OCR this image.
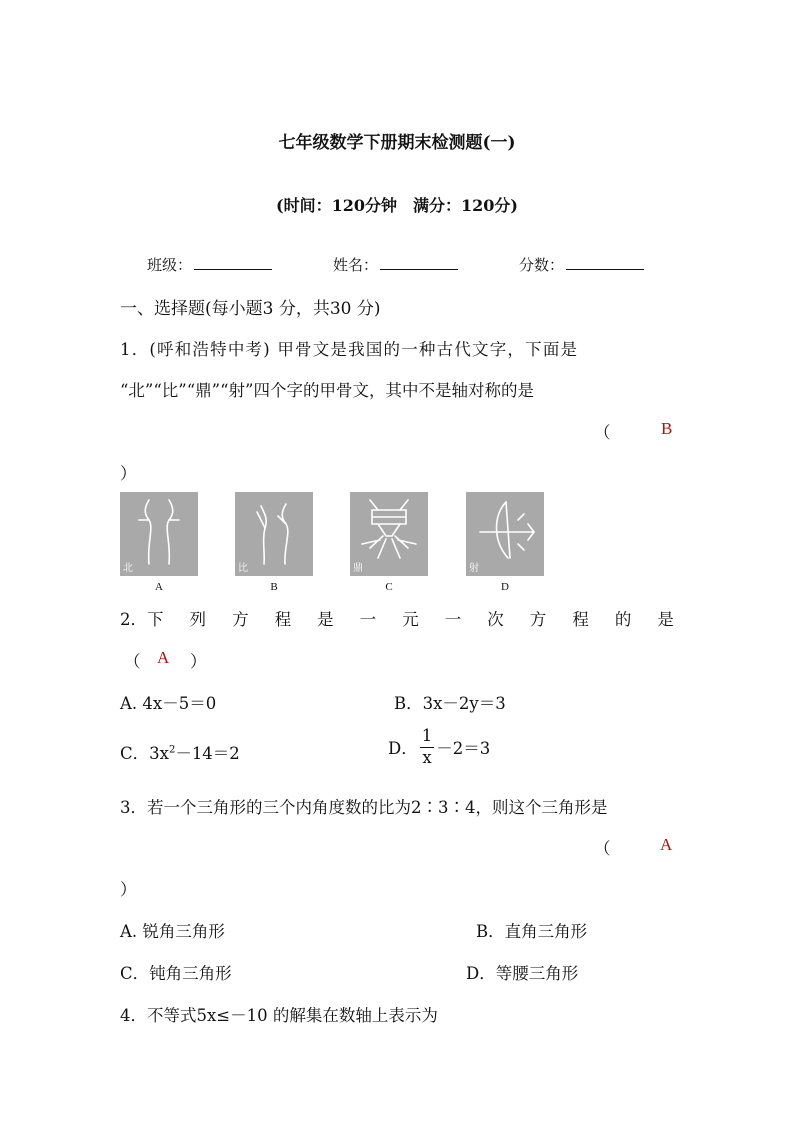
七年级数学下册期末检测题(一)
(时间：120分钟　满分：120分)
班级：	姓名：	分数：
一、选择题(每小题3 分，共30 分)
1．(呼和浩特中考) 甲骨文是我国的一种古代文字，下面是
“北”“比”“鼎”“射”四个字的甲骨文，其中不是轴对称的是
（	B
）
北	比	鼎	射
A	B	C	D
2．下 列 方 程 是 一 元 一 次 方 程 的 是
（ A ）
A. 4x－5＝0	B．3x－2y＝3
C．$3x^2-14=2$	D． $\frac{1}{x} -2=3$
3．若一个三角形的三个内角度数的比为2∶3∶4，则这个三角形是
（	A
）
A. 锐角三角形	B．直角三角形
C．钝角三角形	D．等腰三角形
4．不等式5x≤－10 的解集在数轴上表示为
